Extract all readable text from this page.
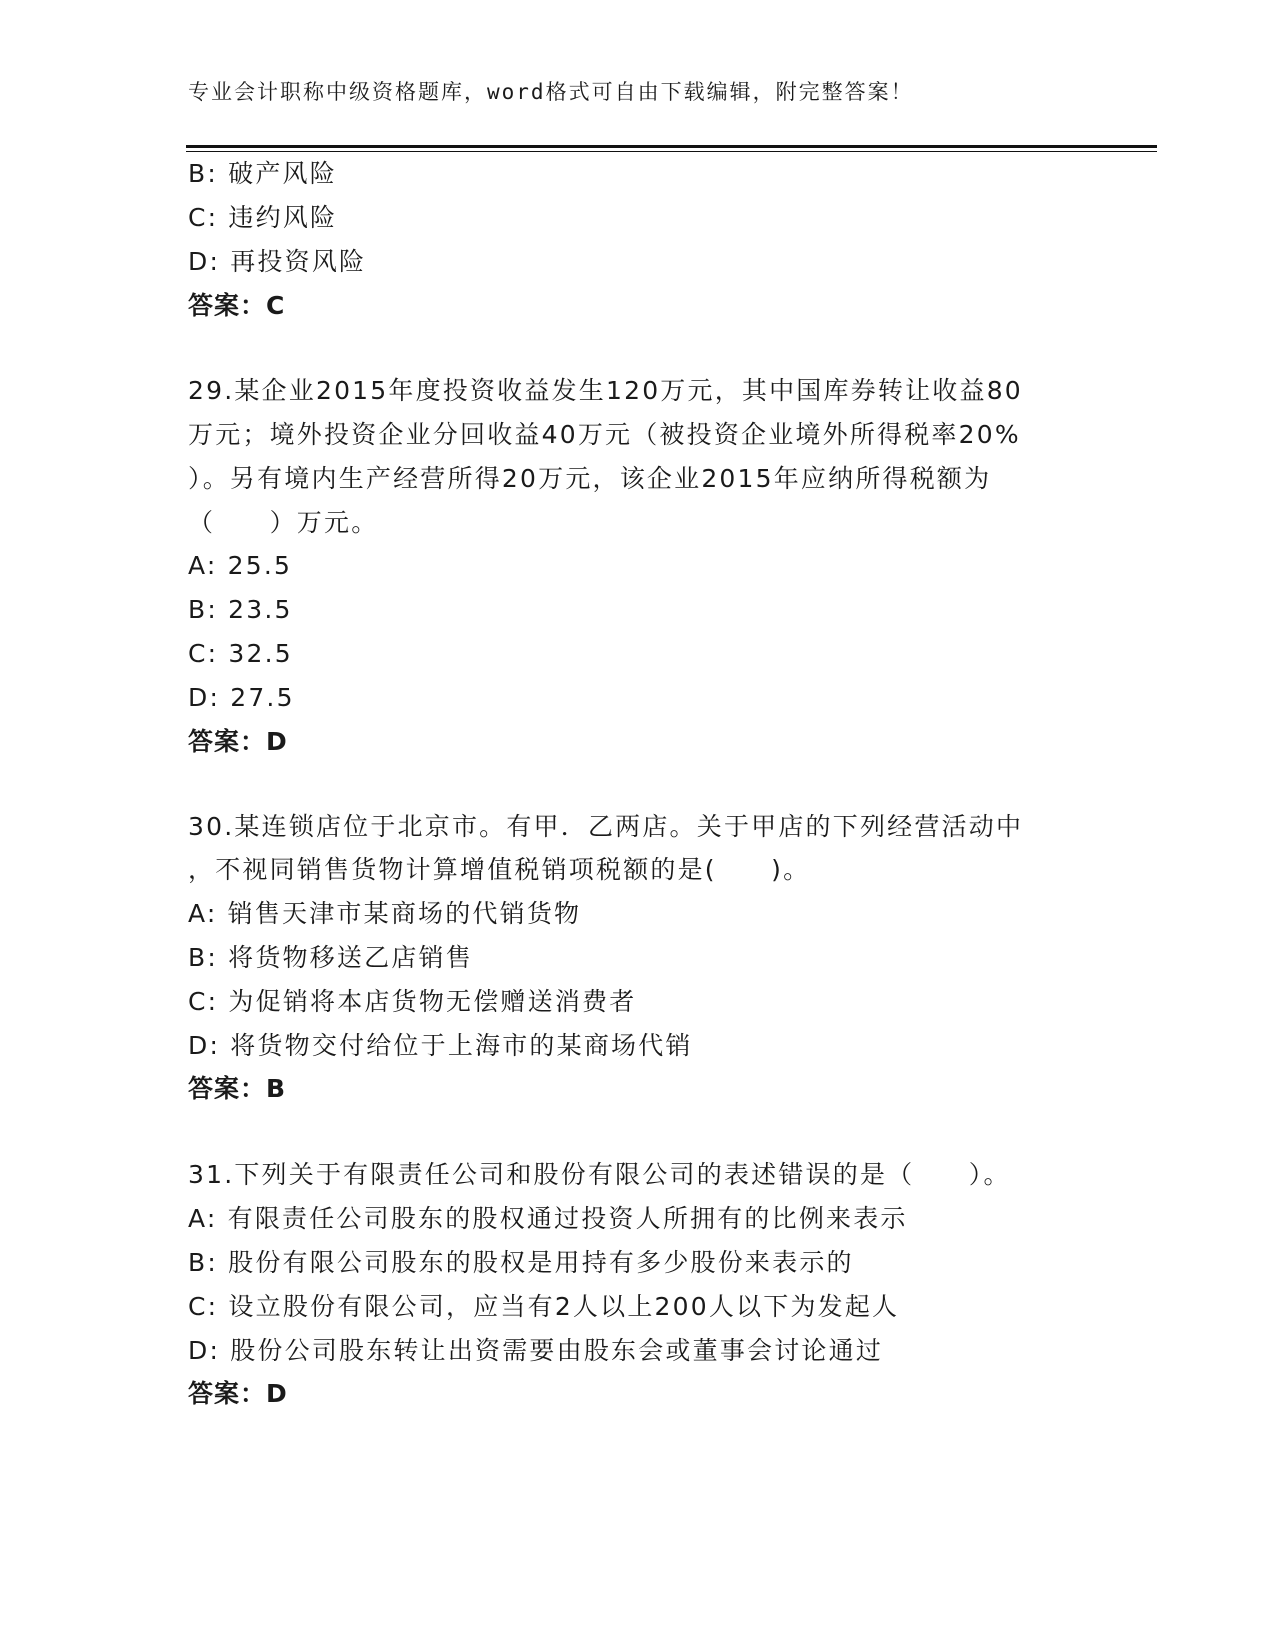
专业会计职称中级资格题库，word格式可自由下载编辑，附完整答案！
B: 破产风险
C: 违约风险
D: 再投资风险
答案：C
29.某企业2015年度投资收益发生120万元，其中国库券转让收益80
万元；境外投资企业分回收益40万元（被投资企业境外所得税率20%
）。另有境内生产经营所得20万元，该企业2015年应纳所得税额为
（　　）万元。
A: 25.5
B: 23.5
C: 32.5
D: 27.5
答案：D
30.某连锁店位于北京市。有甲．乙两店。关于甲店的下列经营活动中
，不视同销售货物计算增值税销项税额的是(　　)。
A: 销售天津市某商场的代销货物
B: 将货物移送乙店销售
C: 为促销将本店货物无偿赠送消费者
D: 将货物交付给位于上海市的某商场代销
答案：B
31.下列关于有限责任公司和股份有限公司的表述错误的是（　　）。
A: 有限责任公司股东的股权通过投资人所拥有的比例来表示
B: 股份有限公司股东的股权是用持有多少股份来表示的
C: 设立股份有限公司，应当有2人以上200人以下为发起人
D: 股份公司股东转让出资需要由股东会或董事会讨论通过
答案：D
